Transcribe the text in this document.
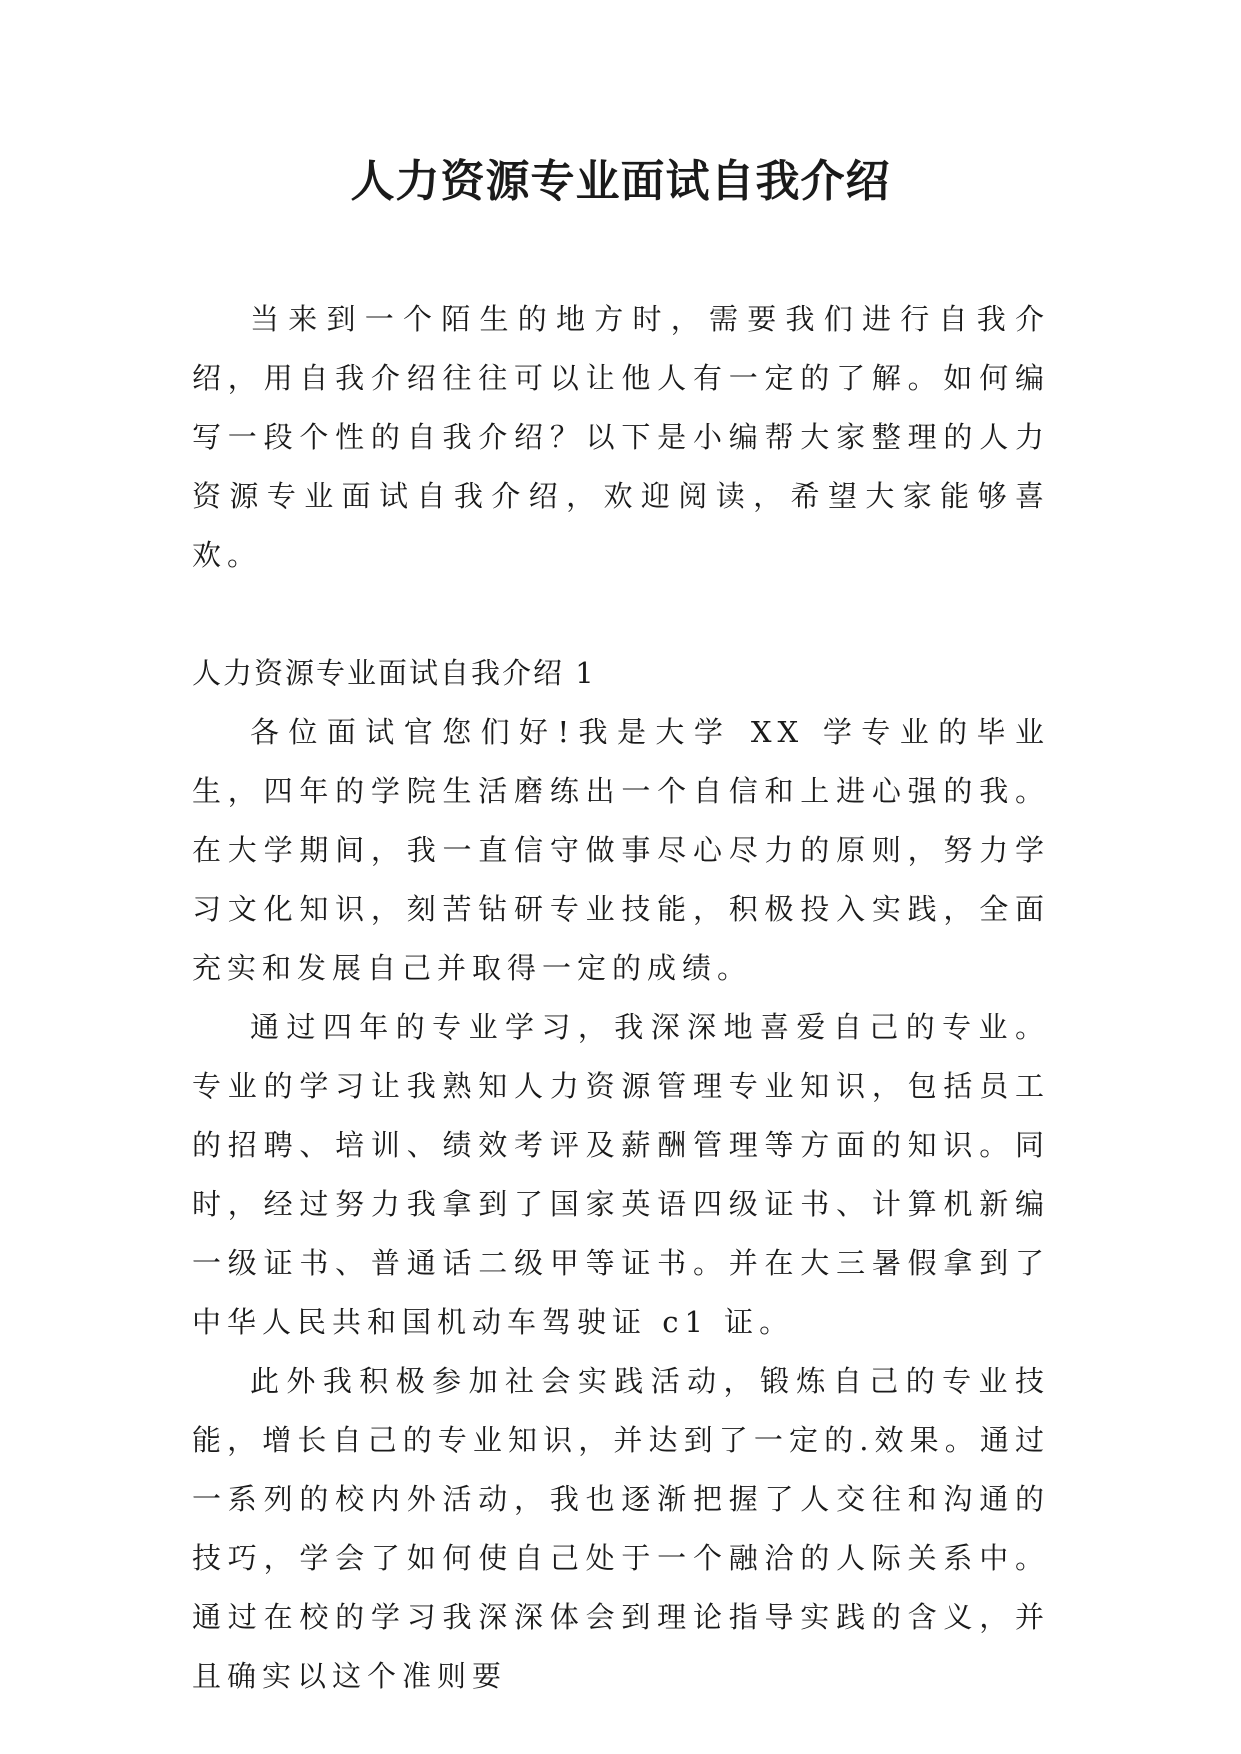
人力资源专业面试自我介绍

当来到一个陌生的地方时，需要我们进行自我介绍，用自我介绍往往可以让他人有一定的了解。如何编写一段个性的自我介绍？以下是小编帮大家整理的人力资源专业面试自我介绍，欢迎阅读，希望大家能够喜欢。

人力资源专业面试自我介绍 1

各位面试官您们好!我是大学 XX 学专业的毕业生，四年的学院生活磨练出一个自信和上进心强的我。在大学期间，我一直信守做事尽心尽力的原则，努力学习文化知识，刻苦钻研专业技能，积极投入实践，全面充实和发展自己并取得一定的成绩。

通过四年的专业学习，我深深地喜爱自己的专业。专业的学习让我熟知人力资源管理专业知识，包括员工的招聘、培训、绩效考评及薪酬管理等方面的知识。同时，经过努力我拿到了国家英语四级证书、计算机新编一级证书、普通话二级甲等证书。并在大三暑假拿到了中华人民共和国机动车驾驶证 c1 证。

此外我积极参加社会实践活动，锻炼自己的专业技能，增长自己的专业知识，并达到了一定的.效果。通过一系列的校内外活动，我也逐渐把握了人交往和沟通的技巧，学会了如何使自己处于一个融洽的人际关系中。通过在校的学习我深深体会到理论指导实践的含义，并且确实以这个准则要
